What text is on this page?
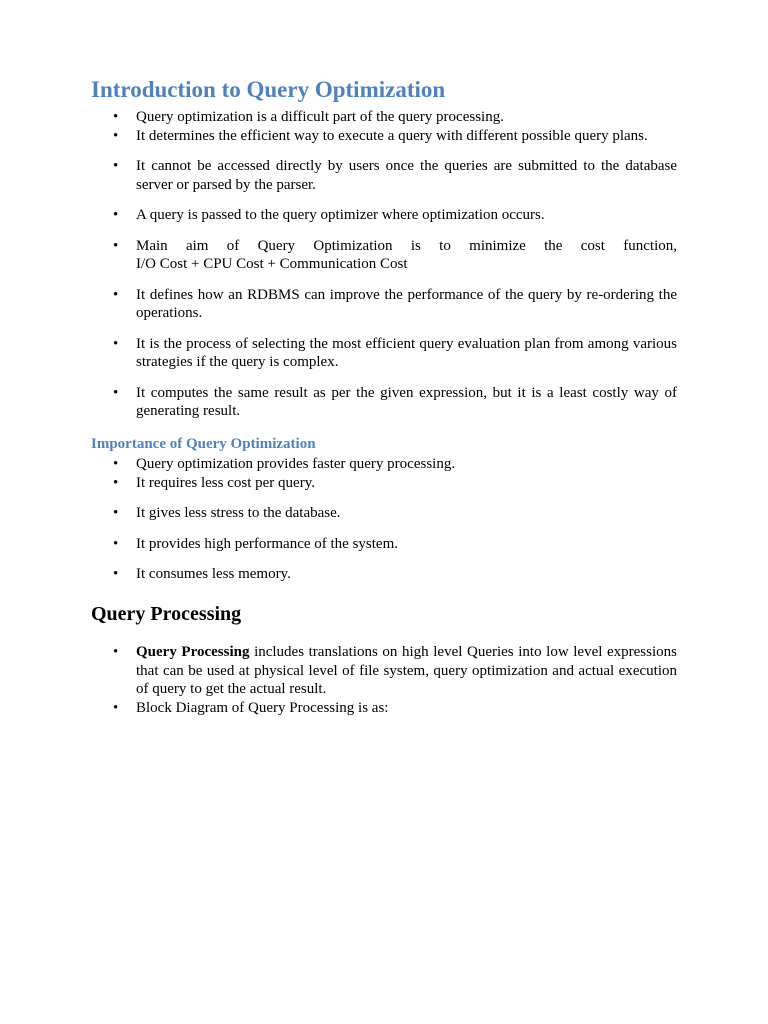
Introduction to Query Optimization
• Query optimization is a difficult part of the query processing.
• It determines the efficient way to execute a query with different possible query plans.
• It cannot be accessed directly by users once the queries are submitted to the database server or parsed by the parser.
• A query is passed to the query optimizer where optimization occurs.
• Main aim of Query Optimization is to minimize the cost function,
I/O Cost + CPU Cost + Communication Cost
• It defines how an RDBMS can improve the performance of the query by re-ordering the operations.
• It is the process of selecting the most efficient query evaluation plan from among various strategies if the query is complex.
• It computes the same result as per the given expression, but it is a least costly way of generating result.
Importance of Query Optimization
• Query optimization provides faster query processing.
• It requires less cost per query.
• It gives less stress to the database.
• It provides high performance of the system.
• It consumes less memory.
Query Processing
• Query Processing includes translations on high level Queries into low level expressions that can be used at physical level of file system, query optimization and actual execution of query to get the actual result.
• Block Diagram of Query Processing is as:
